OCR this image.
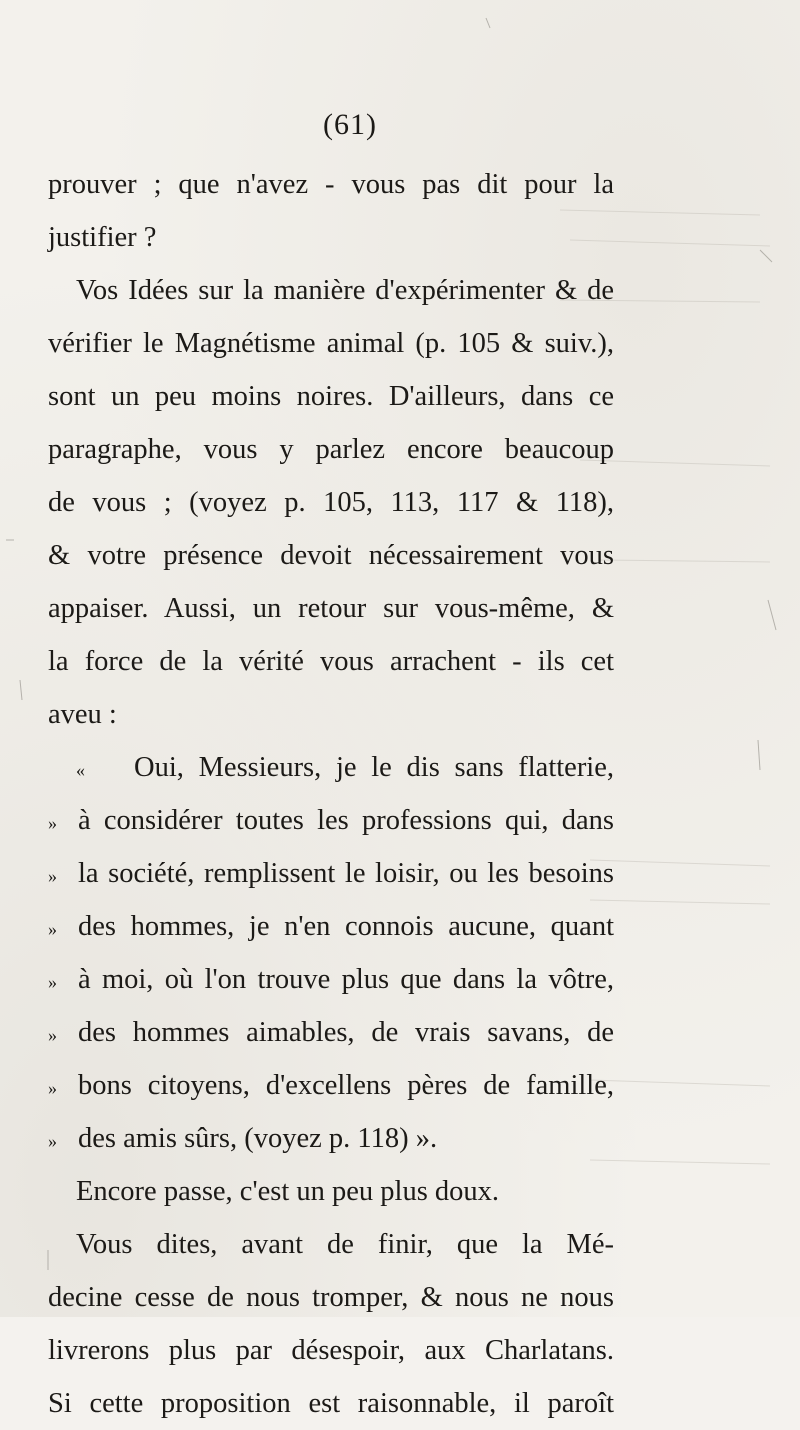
(61)
prouver ; que n'avez - vous pas dit pour la
justifier ?
Vos Idées sur la manière d'expérimenter & de
vérifier le Magnétisme animal (p. 105 & suiv.),
sont un peu moins noires. D'ailleurs, dans ce
paragraphe, vous y parlez encore beaucoup
de vous ; (voyez p. 105, 113, 117 & 118),
& votre présence devoit nécessairement vous
appaiser. Aussi, un retour sur vous-même, &
la force de la vérité vous arrachent - ils cet
aveu :
«	Oui, Messieurs, je le dis sans flatterie,
» à considérer toutes les professions qui, dans
» la société, remplissent le loisir, ou les besoins
» des hommes, je n'en connois aucune, quant
» à moi, où l'on trouve plus que dans la vôtre,
» des hommes aimables, de vrais savans, de
» bons citoyens, d'excellens pères de famille,
» des amis sûrs, (voyez p. 118) ».
Encore passe, c'est un peu plus doux.
Vous dites, avant de finir, que la Mé-
decine cesse de nous tromper, & nous ne nous
livrerons plus par désespoir, aux Charlatans.
Si cette proposition est raisonnable, il paroît
